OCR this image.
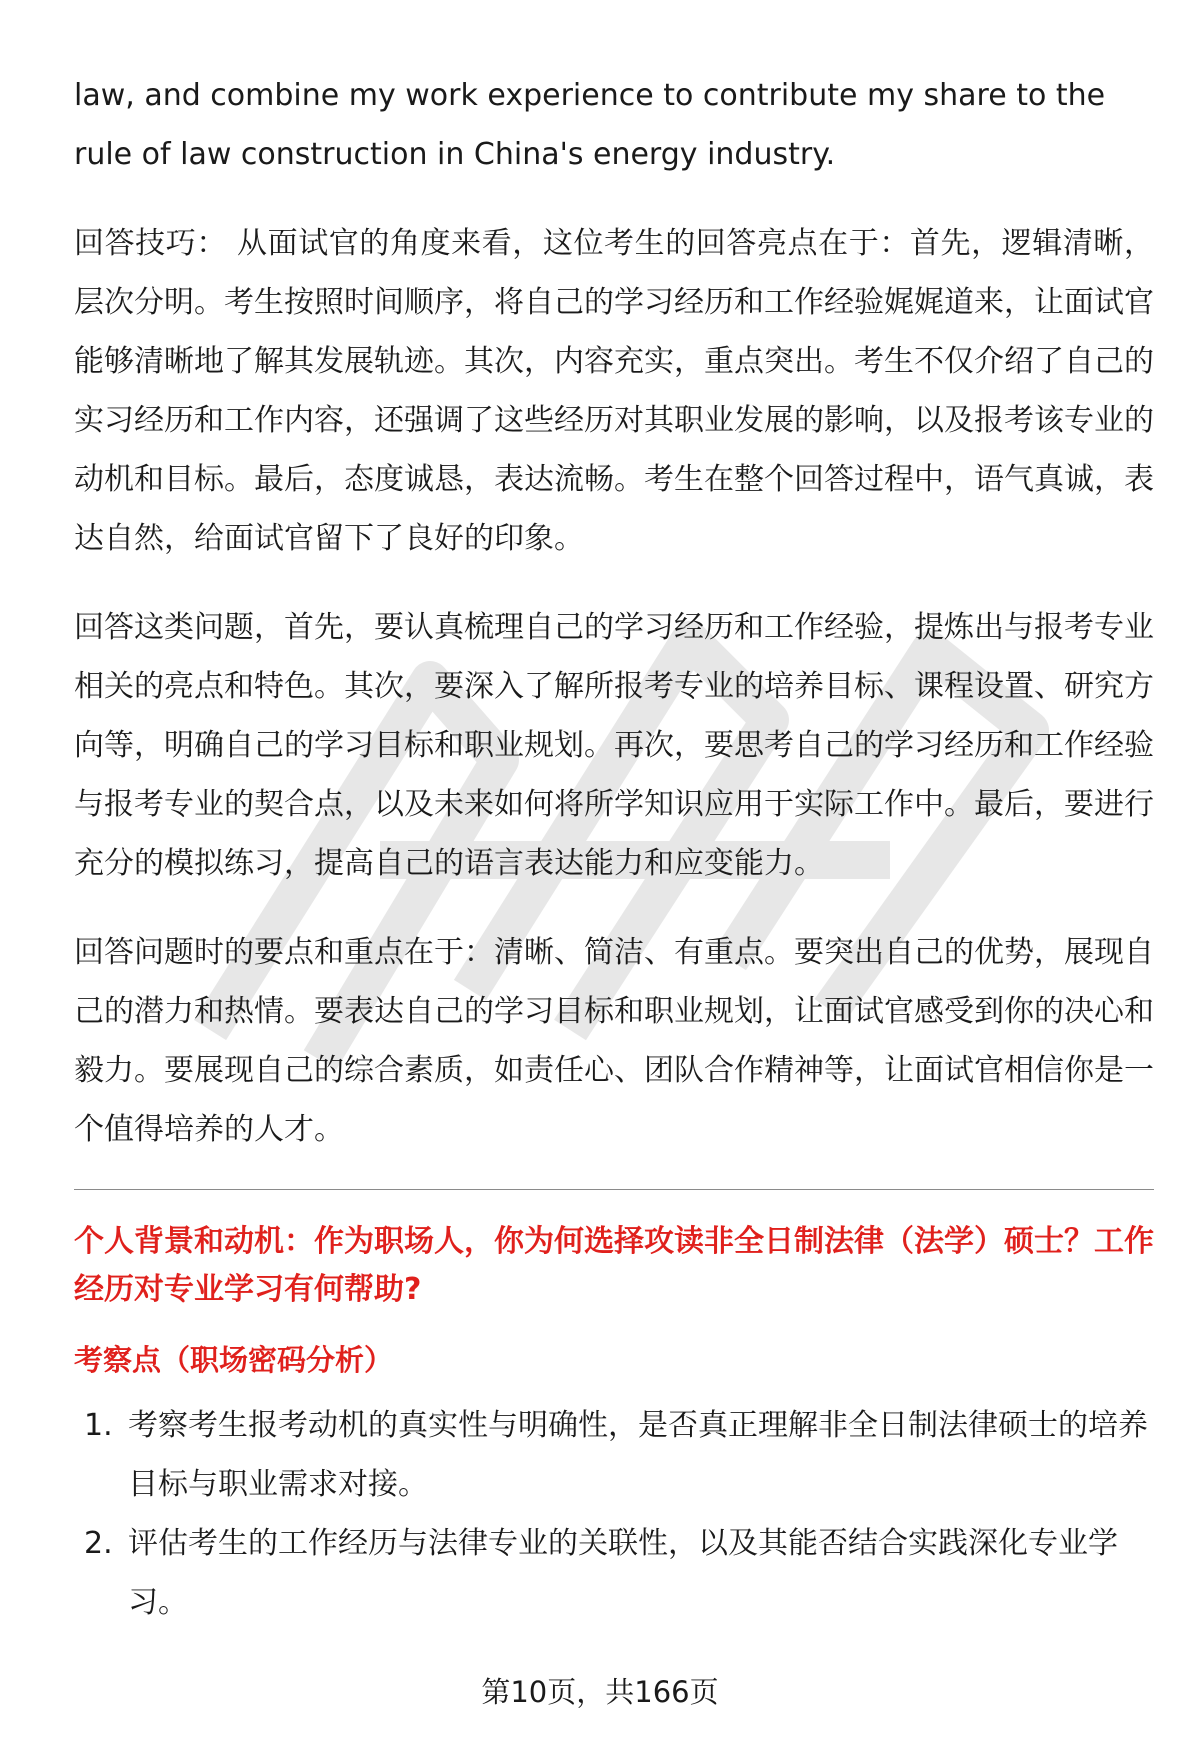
law, and combine my work experience to contribute my share to the rule of law construction in China's energy industry.

回答技巧： 从面试官的角度来看，这位考生的回答亮点在于：首先，逻辑清晰，层次分明。考生按照时间顺序，将自己的学习经历和工作经验娓娓道来，让面试官能够清晰地了解其发展轨迹。其次，内容充实，重点突出。考生不仅介绍了自己的实习经历和工作内容，还强调了这些经历对其职业发展的影响，以及报考该专业的动机和目标。最后，态度诚恳，表达流畅。考生在整个回答过程中，语气真诚，表达自然，给面试官留下了良好的印象。

回答这类问题，首先，要认真梳理自己的学习经历和工作经验，提炼出与报考专业相关的亮点和特色。其次，要深入了解所报考专业的培养目标、课程设置、研究方向等，明确自己的学习目标和职业规划。再次，要思考自己的学习经历和工作经验与报考专业的契合点，以及未来如何将所学知识应用于实际工作中。最后，要进行充分的模拟练习，提高自己的语言表达能力和应变能力。

回答问题时的要点和重点在于：清晰、简洁、有重点。要突出自己的优势，展现自己的潜力和热情。要表达自己的学习目标和职业规划，让面试官感受到你的决心和毅力。要展现自己的综合素质，如责任心、团队合作精神等，让面试官相信你是一个值得培养的人才。

个人背景和动机：作为职场人，你为何选择攻读非全日制法律（法学）硕士？工作经历对专业学习有何帮助?
考察点（职场密码分析）
1. 考察考生报考动机的真实性与明确性，是否真正理解非全日制法律硕士的培养目标与职业需求对接。
2. 评估考生的工作经历与法律专业的关联性，以及其能否结合实践深化专业学习。
第10页，共166页
